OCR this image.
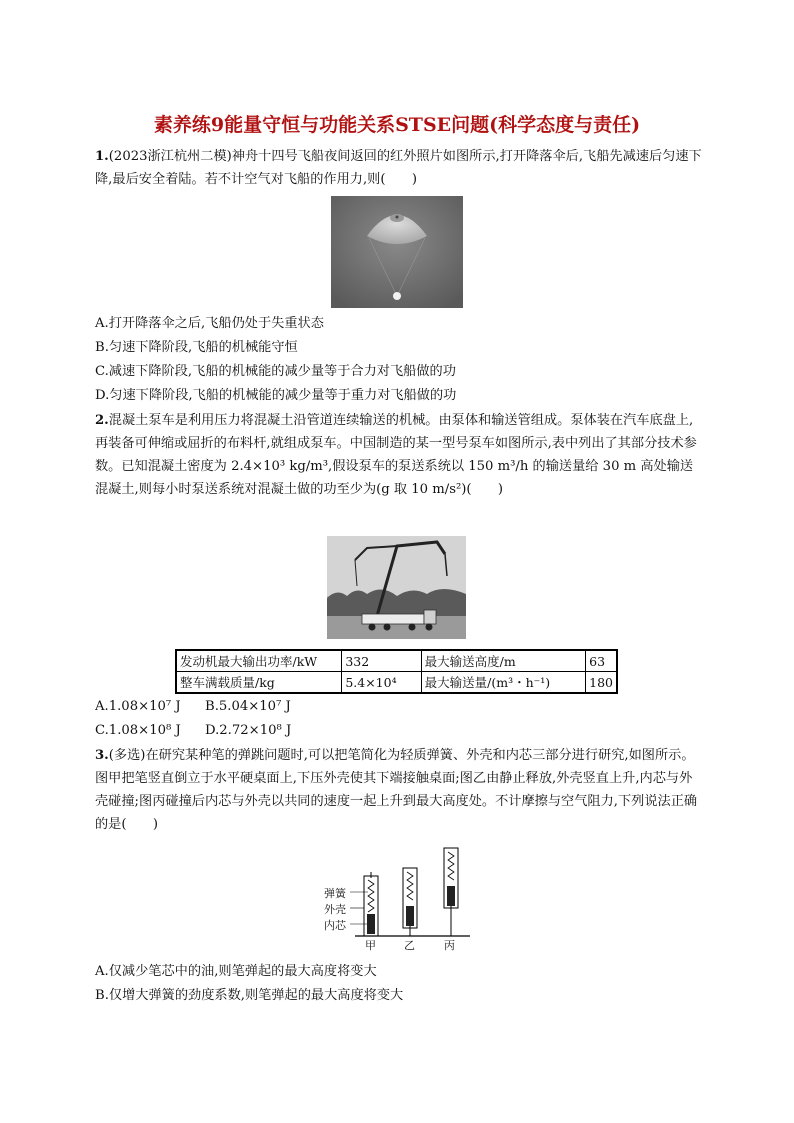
素养练9能量守恒与功能关系STSE问题(科学态度与责任)
1.(2023浙江杭州二模)神舟十四号飞船夜间返回的红外照片如图所示,打开降落伞后,飞船先减速后匀速下降,最后安全着陆。若不计空气对飞船的作用力,则(　　)
A.打开降落伞之后,飞船仍处于失重状态
B.匀速下降阶段,飞船的机械能守恒
C.减速下降阶段,飞船的机械能的减少量等于合力对飞船做的功
D.匀速下降阶段,飞船的机械能的减少量等于重力对飞船做的功
2.混凝土泵车是利用压力将混凝土沿管道连续输送的机械。由泵体和输送管组成。泵体装在汽车底盘上,再装备可伸缩或屈折的布料杆,就组成泵车。中国制造的某一型号泵车如图所示,表中列出了其部分技术参数。已知混凝土密度为 2.4×10³ kg/m³,假设泵车的泵送系统以 150 m³/h 的输送量给 30 m 高处输送混凝土,则每小时泵送系统对混凝土做的功至少为(g 取 10 m/s²)(　　)
发动机最大输出功率/kW	332	最大输送高度/m	63
整车满载质量/kg	5.4×10⁴	最大输送量/(m³・h⁻¹)	180
A.1.08×10⁷ J B.5.04×10⁷ J
C.1.08×10⁸ J D.2.72×10⁸ J
3.(多选)在研究某种笔的弹跳问题时,可以把笔简化为轻质弹簧、外壳和内芯三部分进行研究,如图所示。图甲把笔竖直倒立于水平硬桌面上,下压外壳使其下端接触桌面;图乙由静止释放,外壳竖直上升,内芯与外壳碰撞;图丙碰撞后内芯与外壳以共同的速度一起上升到最大高度处。不计摩擦与空气阻力,下列说法正确的是(　　)
弹簧
外壳
内芯
甲	乙	丙
A.仅减少笔芯中的油,则笔弹起的最大高度将变大
B.仅增大弹簧的劲度系数,则笔弹起的最大高度将变大
